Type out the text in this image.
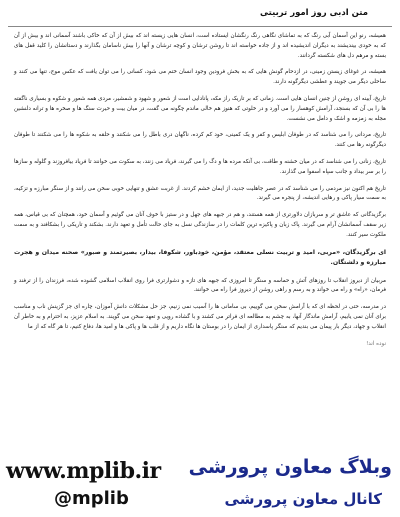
متن ادبی روز امور تربیتی

همیشه، رنو این آسمان آبی رنگ که به تماشای نگاهی رنگ رنگشان ایستاده است، انسان هایی زیسته اند که بیش از آن که خاکی باشند آسمانی اند و بیش از آن که به خودی بیندیشند به دیگران اندیشیده اند و از جاده خواسته اند تا روشن ترشان و کوچه ترشان و آنها را بیش ناسامان بگذارند و دستانشان را کلید قفل های بسته و مرهم دل های شکسته گردانند.

همیشه، در غوغای زیستن زمینی، در ازدحام گونش هایی که به بخش فرودین وجود انسان ختم می شود، کسانی را می توان یافت که عکس موج، تنها می کنند و ساحلی دیگر می جویند و عطشی دیگرگونه دارند.

تاریخ، آیینه ای روشن از چنین انسان هایی است. زمانی که بر تاریک راز مکه، پانادایی است از شعور و شهود و شمشیر، مردی همه شعور و شکوه و بسیاری ناگفته ها را بی آن که بسنجد، آرامش کوهسار را می آورد و در خلوتی که هنوز هم خالی ماندم چگونه می گفت، در میان بیت و حیرت سنگ ها و صخره ها و ترانه دلنشین مجله به زمزمه و اشک و دامل می نشست.

تاریخ، مردانی را می شناسد که در طوفان ابلیس و کفر و یک کمینی، خود کم کرده، ناگهان دری باطل را می شکنند و حلقه به شکوه ها را می شکنند تا طوفان دیگرگونه رها می کنند.

تاریخ، زنانی را می شناسد که در میان خشنه و طاقت، بی آنکه مرده ها و دگ را می گیرند، فریاد می زنند، به سکوت می خوانند تا فریاد بیافروزند و گلوله و سازها را بر سر بیداد و جانب سپاه اسفوا می گذارند.

تاریخ هم اکنون نیز مردمی را می شناسد که در عصر جاهلیت جدید، از ایمان خشم کردند. از غربت عشق و تنهایی خوبی سخن می رانند و از سنگر مبارزه و تزکیه، به سمت سیار پاکی و رهایی اندیشه، از پنجره می گیرند.

برگزیدگانی که عاشق تر و سربازان دلاورتری از همه هستند، و هم در جبهه های جهل و در ستیز با خوف آنان می گوئیم و آسمان خود، همچنان که بی قیاس، همه زیر سقف آسمانشان آرام می گیرند. پاک زبان و پاکیزه ترین کلمات را در سازندگی نسل به جای حالت تأمل و تعهد دارند. بشکند و تاریکی را بشکافند و به سمت ملکوت سیر کنند.

ای برگزیدگان، «مربی، امید و تربیت نسلی معتقد، مؤمن، خودباور، شکوفا، بیدار، بصیرتمند و صبور» صحنه میدان و هجرت مبارزه و دلشتگان.

مربیان از دیروز انقلاب تا روزهای آتش و حماسه و سنگر تا امروزی که جبهه های تازه و دشوارتری فرا روی انقلاب اسلامی گشوده شده، فرزندان را از ترفند و فرمان، «راه» و راه می خواند و به رسم و راهی روشن از دیروز فرا راه می خوانند.

در مدرسه، حتی در لحظه ای که با آرامش سخن می گوییم، بی سامانی ها را آسیب نمی زنیم، جز حل مشکلات دانش آموزان، چاره ای جز گزینش ناب و مناسب برای آنان نمی یابیم، آرامش ماندگار آنها، به چشم به مطالعه ای فراتر می کشند و با گشاده رویی و تعهد سخن می گویند. به اسلام عزیز، به احترام و به خاطر آن انقلاب و جهاد، دیگر بار پیمان می بندیم که سنگر پاسداری از ایمان را در بوستان ها نگاه داریم و از قلب ها و پاکی ها و امید ها، دفاع کنیم، تا هر گاه که از ما

نوده اند!

www.mplib.ir وبلاگ معاون پرورشی
کانال معاون پرورشی
@mplib
